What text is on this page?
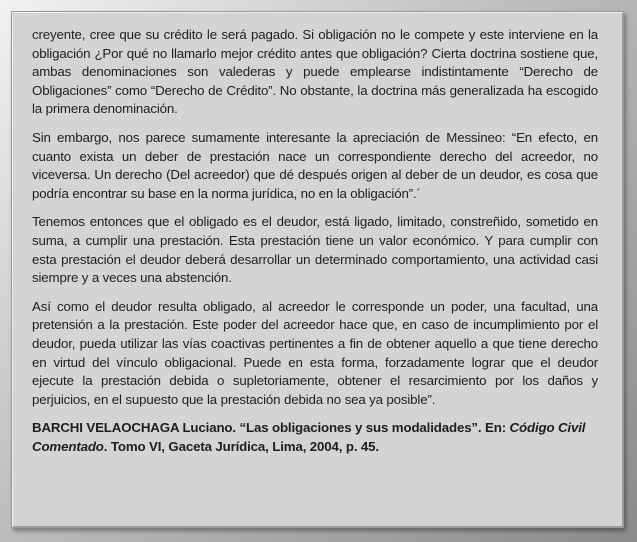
creyente, cree que su crédito le será pagado. Si obligación no le compete y este interviene en la obligación ¿Por qué no llamarlo mejor crédito antes que obligación? Cierta doctrina sostiene que, ambas denominaciones son valederas y puede emplearse indistintamente “Derecho de Obligaciones” como “Derecho de Crédito”. No obstante, la doctrina más generalizada ha escogido la primera denominación.

Sin embargo, nos parece sumamente interesante la apreciación de Messineo: “En efecto, en cuanto exista un deber de prestación nace un correspondiente derecho del acreedor, no viceversa. Un derecho (Del acreedor) que dé después origen al deber de un deudor, es cosa que podría encontrar su base en la norma jurídica, no en la obligación”.´

Tenemos entonces que el obligado es el deudor, está ligado, limitado, constreñido, sometido en suma, a cumplir una prestación. Esta prestación tiene un valor económico. Y para cumplir con esta prestación el deudor deberá desarrollar un determinado comportamiento, una actividad casi siempre y a veces una abstención.

Así como el deudor resulta obligado, al acreedor le corresponde un poder, una facultad, una pretensión a la prestación. Este poder del acreedor hace que, en caso de incumplimiento por el deudor, pueda utilizar las vías coactivas pertinentes a fin de obtener aquello a que tiene derecho en virtud del vínculo obligacional. Puede en esta forma, forzadamente lograr que el deudor ejecute la prestación debida o supletoriamente, obtener el resarcimiento por los daños y perjuicios, en el supuesto que la prestación debida no sea ya posible”.

BARCHI VELAOCHAGA Luciano. “Las obligaciones y sus modalidades”. En: Código Civil Comentado. Tomo VI, Gaceta Jurídica, Lima, 2004, p. 45.
